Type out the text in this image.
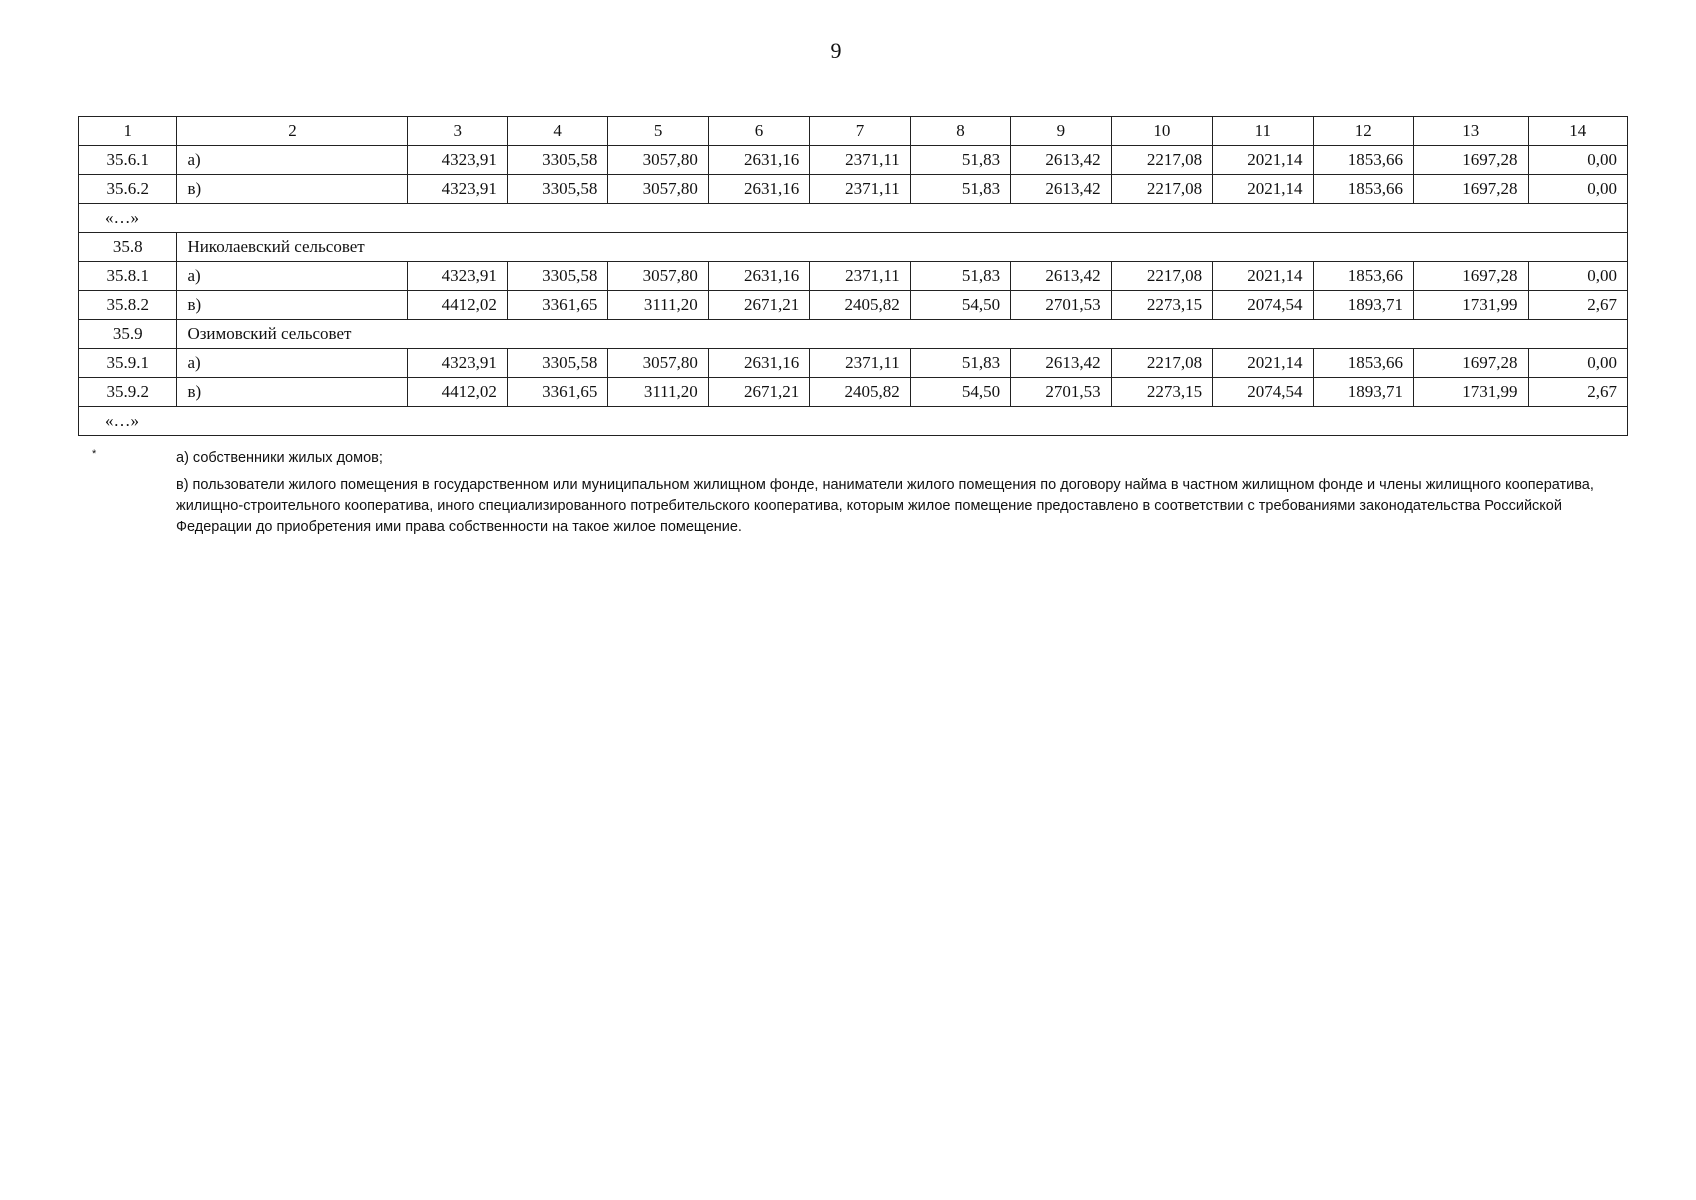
9
1	2	3	4	5	6	7	8	9	10	11	12	13	14
35.6.1	а)	4323,91	3305,58	3057,80	2631,16	2371,11	51,83	2613,42	2217,08	2021,14	1853,66	1697,28	0,00
35.6.2	в)	4323,91	3305,58	3057,80	2631,16	2371,11	51,83	2613,42	2217,08	2021,14	1853,66	1697,28	0,00
«…»													
35.8	Николаевский сельсовет												
35.8.1	а)	4323,91	3305,58	3057,80	2631,16	2371,11	51,83	2613,42	2217,08	2021,14	1853,66	1697,28	0,00
35.8.2	в)	4412,02	3361,65	3111,20	2671,21	2405,82	54,50	2701,53	2273,15	2074,54	1893,71	1731,99	2,67
35.9	Озимовский сельсовет												
35.9.1	а)	4323,91	3305,58	3057,80	2631,16	2371,11	51,83	2613,42	2217,08	2021,14	1853,66	1697,28	0,00
35.9.2	в)	4412,02	3361,65	3111,20	2671,21	2405,82	54,50	2701,53	2273,15	2074,54	1893,71	1731,99	2,67
«…»													
*	а) собственники жилых домов;
в) пользователи жилого помещения в государственном или муниципальном жилищном фонде, наниматели жилого помещения по договору найма в частном жилищном фонде и члены жилищного кооператива, жилищно-строительного кооператива, иного специализированного потребительского кооператива, которым жилое помещение предоставлено в соответствии с требованиями законодательства Российской Федерации до приобретения ими права собственности на такое жилое помещение.
